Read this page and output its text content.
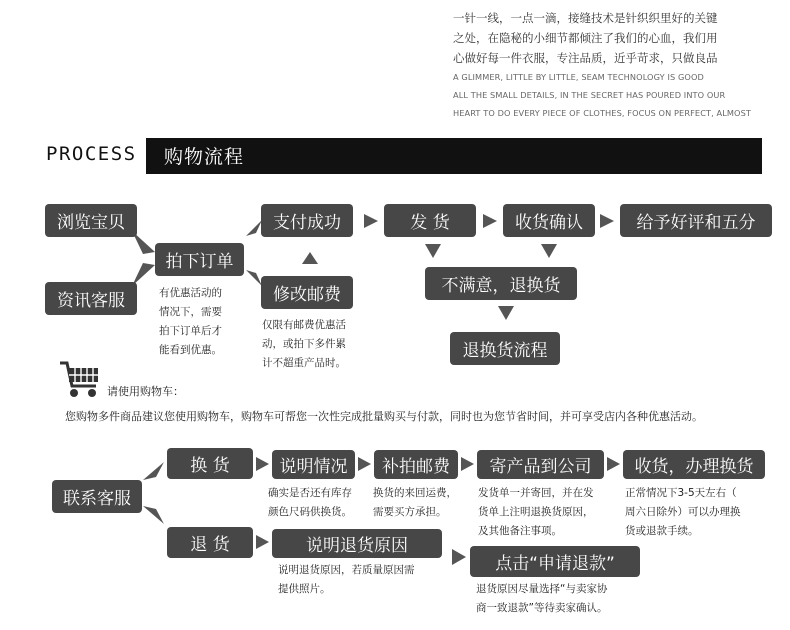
一针一线，一点一滴，接缝技术是针织织里好的关键
之处，在隐秘的小细节都倾注了我们的心血，我们用
心做好每一件衣服，专注品质，近乎苛求，只做良品
A GLIMMER, LITTLE BY LITTLE, SEAM TECHNOLOGY IS GOOD
ALL THE SMALL DETAILS, IN THE SECRET HAS POURED INTO OUR
HEART TO DO EVERY PIECE OF CLOTHES, FOCUS ON PERFECT, ALMOST
PROCESS 购物流程
浏览宝贝
资讯客服
拍下订单
支付成功
修改邮费
发 货	收货确认	给予好评和五分
不满意，退换货
退换货流程
有优惠活动的
情况下，需要
拍下订单后才
能看到优惠。
仅限有邮费优惠活
动，或拍下多件累
计不超重产品时。
请使用购物车：
您购物多件商品建议您使用购物车，购物车可帮您一次性完成批量购买与付款，同时也为您节省时间，并可享受店内各种优惠活动。
联系客服
换 货	说明情况	补拍邮费	寄产品到公司	收货，办理换货
退 货	说明退货原因
点击“申请退款”
确实是否还有库存
颜色尺码供换货。
换货的来回运费，
需要买方承担。
发货单一并寄回，并在发
货单上注明退换货原因，
及其他备注事项。
正常情况下3-5天左右（
周六日除外）可以办理换
货或退款手续。
说明退货原因，若质量原因需
提供照片。	退货原因尽量选择“与卖家协
商一致退款”等待卖家确认。
